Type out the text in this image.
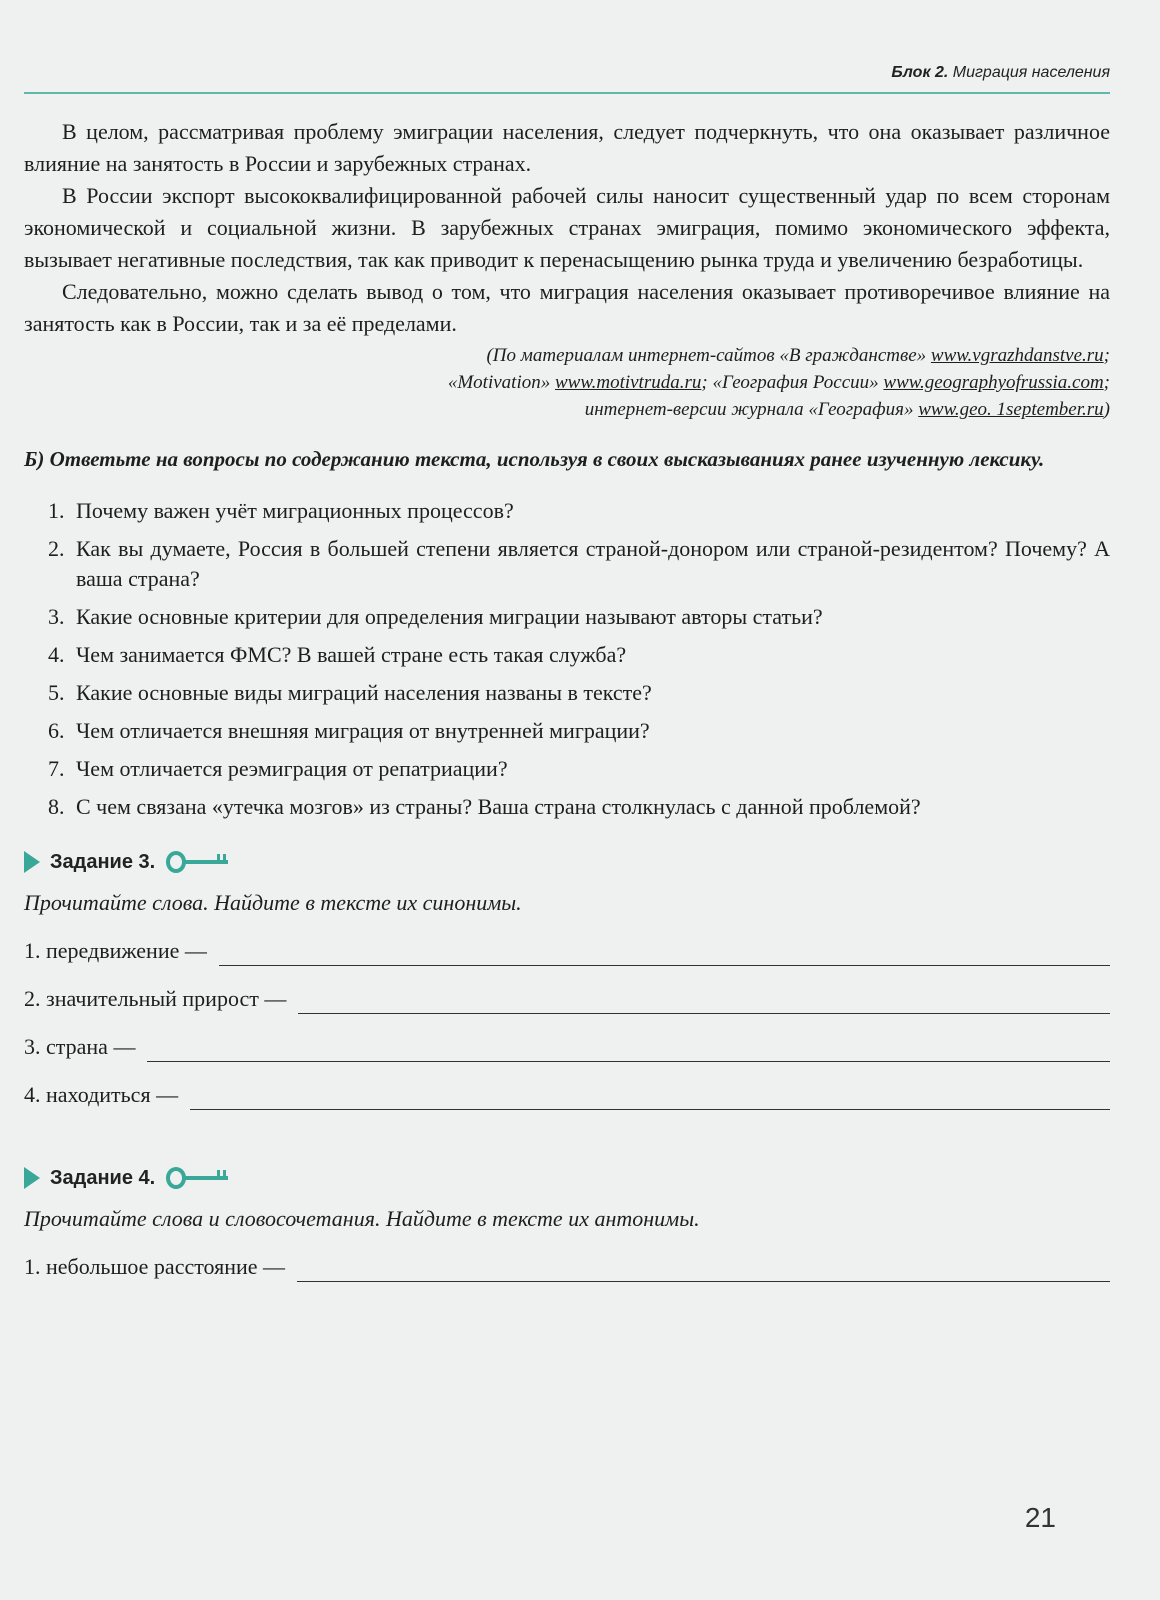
Блок 2. Миграция населения

В целом, рассматривая проблему эмиграции населения, следует подчеркнуть, что она оказывает различное влияние на занятость в России и зарубежных странах.

В России экспорт высококвалифицированной рабочей силы наносит существенный удар по всем сторонам экономической и социальной жизни. В зарубежных странах эмиграция, помимо экономического эффекта, вызывает негативные последствия, так как приводит к перенасыщению рынка труда и увеличению безработицы.

Следовательно, можно сделать вывод о том, что миграция населения оказывает противоречивое влияние на занятость как в России, так и за её пределами.

(По материалам интернет-сайтов «В гражданстве» www.vgrazhdanstve.ru;
«Motivation» www.motivtruda.ru; «География России» www.geographyofrussia.com;
интернет-версии журнала «География» www.geo. 1september.ru)
Б) Ответьте на вопросы по содержанию текста, используя в своих высказываниях ранее изученную лексику.
1. Почему важен учёт миграционных процессов?
2. Как вы думаете, Россия в большей степени является страной-донором или страной-резидентом? Почему? А ваша страна?
3. Какие основные критерии для определения миграции называют авторы статьи?
4. Чем занимается ФМС? В вашей стране есть такая служба?
5. Какие основные виды миграций населения названы в тексте?
6. Чем отличается внешняя миграция от внутренней миграции?
7. Чем отличается реэмиграция от репатриации?
8. С чем связана «утечка мозгов» из страны? Ваша страна столкнулась с данной проблемой?
Задание 3.
Прочитайте слова. Найдите в тексте их синонимы.
1. передвижение —
2. значительный прирост —
3. страна —
4. находиться —
Задание 4.
Прочитайте слова и словосочетания. Найдите в тексте их антонимы.
1. небольшое расстояние —
21
